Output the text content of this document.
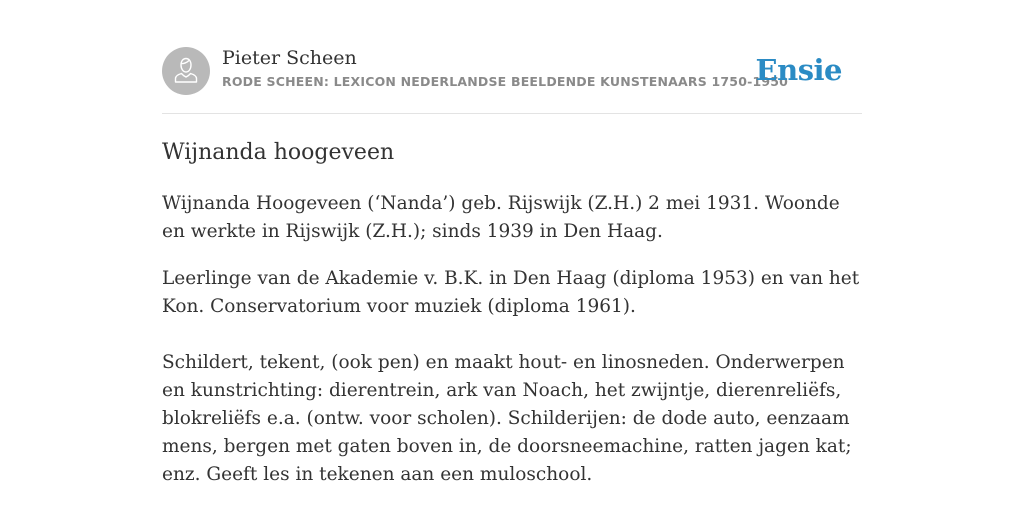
Pieter Scheen
RODE SCHEEN: LEXICON NEDERLANDSE BEELDENDE KUNSTENAARS 1750-1950
Ensie
Wijnanda hoogeveen

Wijnanda Hoogeveen (‘Nanda’) geb. Rijswijk (Z.H.) 2 mei 1931. Woonde en werkte in Rijswijk (Z.H.); sinds 1939 in Den Haag.

Leerlinge van de Akademie v. B.K. in Den Haag (diploma 1953) en van het Kon. Conservatorium voor muziek (diploma 1961).

Schildert, tekent, (ook pen) en maakt hout- en linosneden. Onderwerpen en kunstrichting: dierentrein, ark van Noach, het zwijntje, dierenreliëfs, blokreliëfs e.a. (ontw. voor scholen). Schilderijen: de dode auto, eenzaam mens, bergen met gaten boven in, de doorsneemachine, ratten jagen kat; enz. Geeft les in tekenen aan een muloschool.
